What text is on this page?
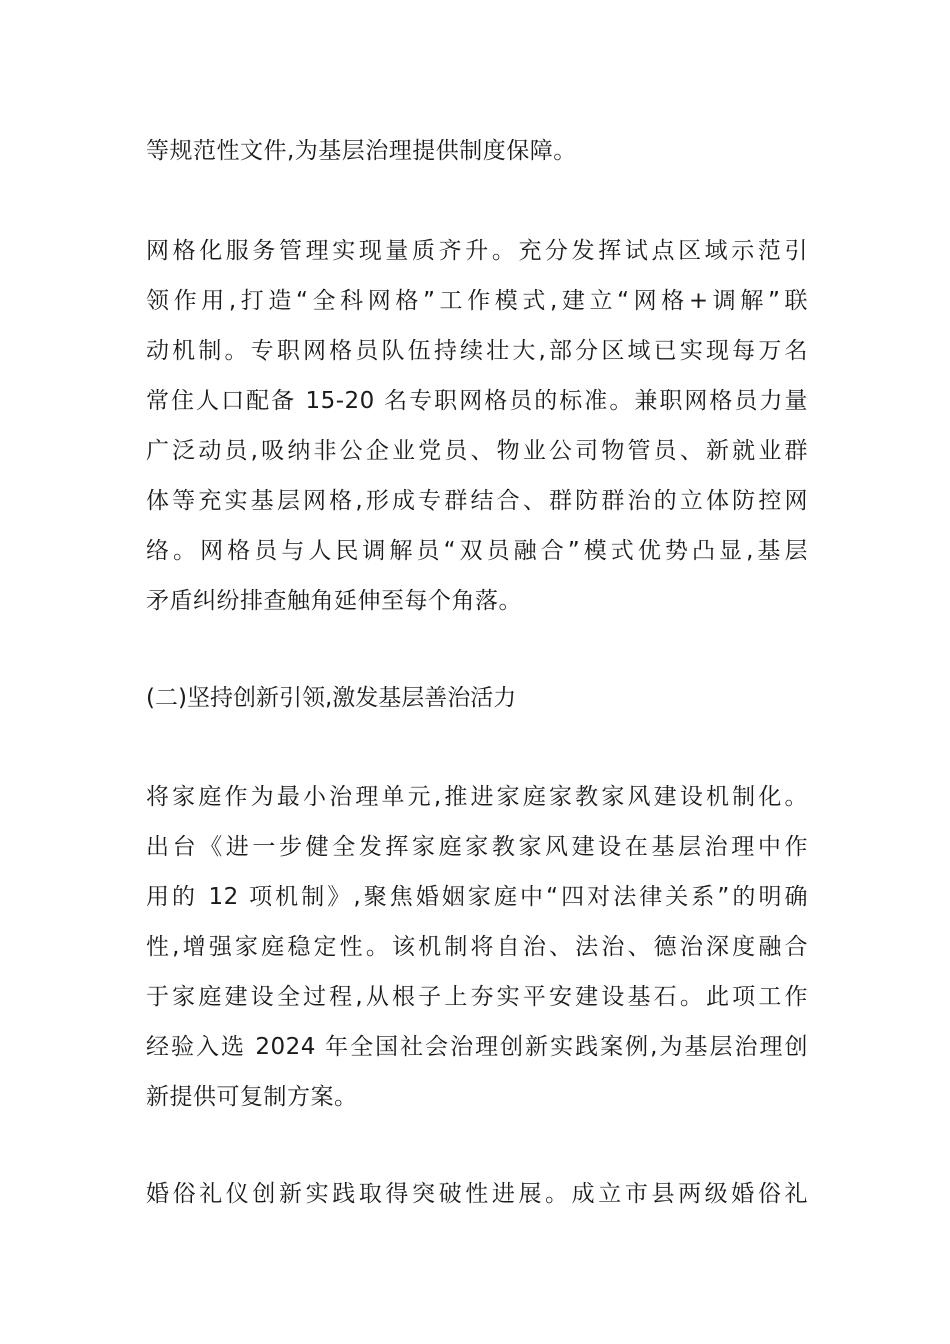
等规范性文件,为基层治理提供制度保障。
网格化服务管理实现量质齐升。充分发挥试点区域示范引
领作用,打造“全科网格”工作模式,建立“网格+调解”联
动机制。专职网格员队伍持续壮大,部分区域已实现每万名
常住人口配备 15-20 名专职网格员的标准。兼职网格员力量
广泛动员,吸纳非公企业党员、物业公司物管员、新就业群
体等充实基层网格,形成专群结合、群防群治的立体防控网
络。网格员与人民调解员“双员融合”模式优势凸显,基层
矛盾纠纷排查触角延伸至每个角落。
(二)坚持创新引领,激发基层善治活力
将家庭作为最小治理单元,推进家庭家教家风建设机制化。
出台《进一步健全发挥家庭家教家风建设在基层治理中作
用的 12 项机制》,聚焦婚姻家庭中“四对法律关系”的明确
性,增强家庭稳定性。该机制将自治、法治、德治深度融合
于家庭建设全过程,从根子上夯实平安建设基石。此项工作
经验入选 2024 年全国社会治理创新实践案例,为基层治理创
新提供可复制方案。
婚俗礼仪创新实践取得突破性进展。成立市县两级婚俗礼
